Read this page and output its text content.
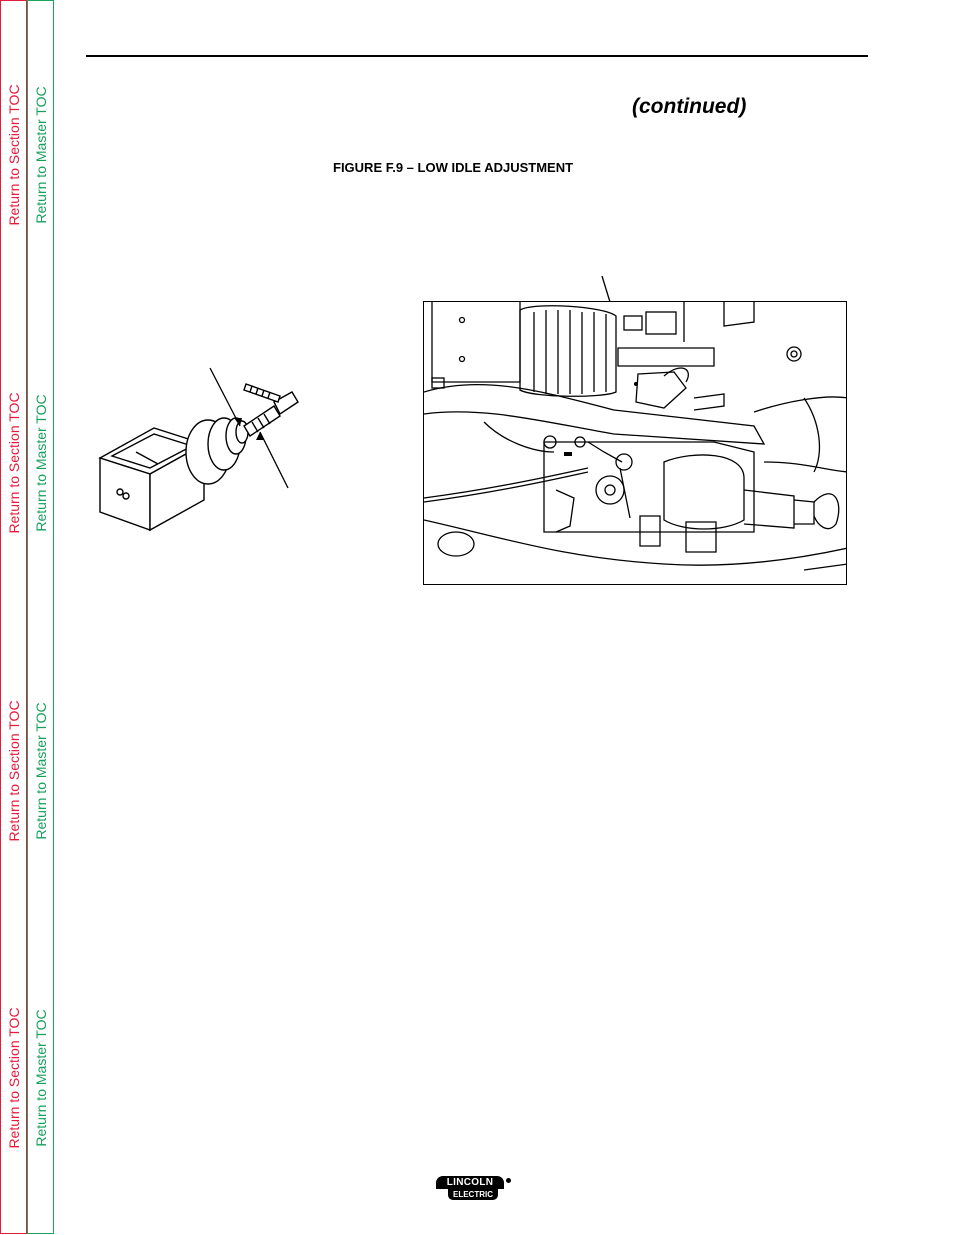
Return to Section TOC Return to Master TOC
Return to Section TOC Return to Master TOC
Return to Section TOC Return to Master TOC
Return to Section TOC Return to Master TOC
(continued)
FIGURE F.9 – LOW IDLE ADJUSTMENT
LINCOLN
ELECTRIC
